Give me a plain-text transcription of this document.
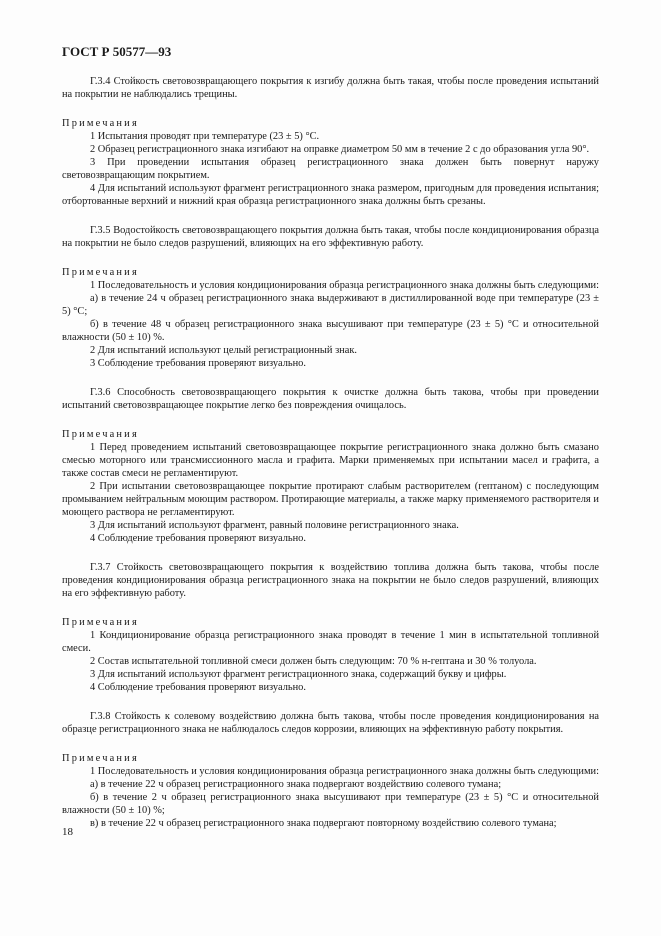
ГОСТ Р 50577—93

Г.3.4 Стойкость световозвращающего покрытия к изгибу должна быть такая, чтобы после проведения испытаний на покрытии не наблюдались трещины.

Примечания

1 Испытания проводят при температуре (23 ± 5) °С.

2 Образец регистрационного знака изгибают на оправке диаметром 50 мм в течение 2 с до образования угла 90°.

3 При проведении испытания образец регистрационного знака должен быть повернут наружу световозвращающим покрытием.

4 Для испытаний используют фрагмент регистрационного знака размером, пригодным для проведения испытания; отбортованные верхний и нижний края образца регистрационного знака должны быть срезаны.

Г.3.5 Водостойкость световозвращающего покрытия должна быть такая, чтобы после кондиционирования образца на покрытии не было следов разрушений, влияющих на его эффективную работу.

Примечания

1 Последовательность и условия кондиционирования образца регистрационного знака должны быть следующими:

а) в течение 24 ч образец регистрационного знака выдерживают в дистиллированной воде при температуре (23 ± 5) °С;

б) в течение 48 ч образец регистрационного знака высушивают при температуре (23 ± 5) °С и относительной влажности (50 ± 10) %.

2 Для испытаний используют целый регистрационный знак.

3 Соблюдение требования проверяют визуально.

Г.3.6 Способность световозвращающего покрытия к очистке должна быть такова, чтобы при проведении испытаний световозвращающее покрытие легко без повреждения очищалось.

Примечания

1 Перед проведением испытаний световозвращающее покрытие регистрационного знака должно быть смазано смесью моторного или трансмиссионного масла и графита. Марки применяемых при испытании масел и графита, а также состав смеси не регламентируют.

2 При испытании световозвращающее покрытие протирают слабым растворителем (гептаном) с последующим промыванием нейтральным моющим раствором. Протирающие материалы, а также марку применяемого растворителя и моющего раствора не регламентируют.

3 Для испытаний используют фрагмент, равный половине регистрационного знака.

4 Соблюдение требования проверяют визуально.

Г.3.7 Стойкость световозвращающего покрытия к воздействию топлива должна быть такова, чтобы после проведения кондиционирования образца регистрационного знака на покрытии не было следов разрушений, влияющих на его эффективную работу.

Примечания

1 Кондиционирование образца регистрационного знака проводят в течение 1 мин в испытательной топливной смеси.

2 Состав испытательной топливной смеси должен быть следующим: 70 % н-гептана и 30 % толуола.

3 Для испытаний используют фрагмент регистрационного знака, содержащий букву и цифры.

4 Соблюдение требования проверяют визуально.

Г.3.8 Стойкость к солевому воздействию должна быть такова, чтобы после проведения кондиционирования на образце регистрационного знака не наблюдалось следов коррозии, влияющих на эффективную работу покрытия.

Примечания

1 Последовательность и условия кондиционирования образца регистрационного знака должны быть следующими:

а) в течение 22 ч образец регистрационного знака подвергают воздействию солевого тумана;

б) в течение 2 ч образец регистрационного знака высушивают при температуре (23 ± 5) °С и относительной влажности (50 ± 10) %;

в) в течение 22 ч образец регистрационного знака подвергают повторному воздействию солевого тумана;

18
